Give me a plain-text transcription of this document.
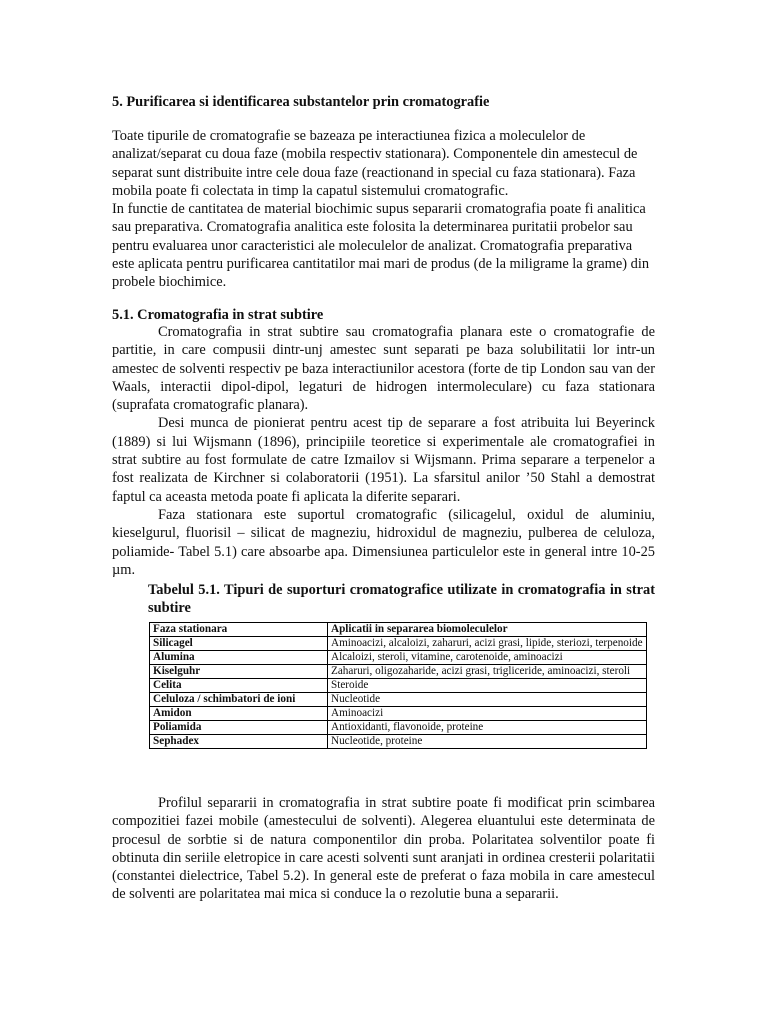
5. Purificarea si identificarea substantelor prin cromatografie

Toate tipurile de cromatografie se bazeaza pe interactiunea fizica a moleculelor de analizat/separat cu doua faze (mobila respectiv stationara). Componentele din amestecul de separat sunt distribuite intre cele doua faze (reactionand in special cu faza stationara). Faza mobila poate fi colectata in timp la capatul sistemului cromatografic.

In functie de cantitatea de material biochimic supus separarii cromatografia poate fi analitica sau preparativa. Cromatografia analitica este folosita la determinarea puritatii probelor sau pentru evaluarea unor caracteristici ale moleculelor de analizat. Cromatografia preparativa este aplicata pentru purificarea cantitatilor mai mari de produs (de la miligrame la grame) din probele biochimice.

5.1. Cromatografia in strat subtire

Cromatografia in strat subtire sau cromatografia planara este o cromatografie de partitie, in care compusii dintr-unj amestec sunt separati pe baza solubilitatii lor intr-un amestec de solventi respectiv pe baza interactiunilor acestora (forte de tip London sau van der Waals, interactii dipol-dipol, legaturi de hidrogen intermoleculare) cu faza stationara (suprafata cromatografic planara).

Desi munca de pionierat pentru acest tip de separare a fost atribuita lui Beyerinck (1889) si lui Wijsmann (1896), principiile teoretice si experimentale ale cromatografiei in strat subtire au fost formulate de catre Izmailov si Wijsmann. Prima separare a terpenelor a fost realizata de Kirchner si colaboratorii (1951). La sfarsitul anilor ’50 Stahl a demostrat faptul ca aceasta metoda poate fi aplicata la diferite separari.

Faza stationara este suportul cromatografic (silicagelul, oxidul de aluminiu, kieselgurul, fluorisil – silicat de magneziu, hidroxidul de magneziu, pulberea de celuloza, poliamide- Tabel 5.1) care absoarbe apa. Dimensiunea particulelor este in general intre 10-25 µm.

Tabelul 5.1. Tipuri de suporturi cromatografice utilizate in cromatografia in strat subtire
Faza stationara	Aplicatii in separarea biomoleculelor
Silicagel	Aminoacizi, alcaloizi, zaharuri, acizi grasi, lipide, steriozi, terpenoide
Alumina	Alcaloizi, steroli, vitamine, carotenoide, aminoacizi
Kiselguhr	Zaharuri, oligozaharide, acizi grasi, trigliceride, aminoacizi, steroli
Celita	Steroide
Celuloza / schimbatori de ioni	Nucleotide
Amidon	Aminoacizi
Poliamida	Antioxidanti, flavonoide, proteine
Sephadex	Nucleotide, proteine

Profilul separarii in cromatografia in strat subtire poate fi modificat prin scimbarea compozitiei fazei mobile (amestecului de solventi). Alegerea eluantului este determinata de procesul de sorbtie si de natura componentilor din proba. Polaritatea solventilor poate fi obtinuta din seriile eletropice in care acesti solventi sunt aranjati in ordinea cresterii polaritatii (constantei dielectrice, Tabel 5.2). In general este de preferat o faza mobila in care amestecul de solventi are polaritatea mai mica si conduce la o rezolutie buna a separarii.
